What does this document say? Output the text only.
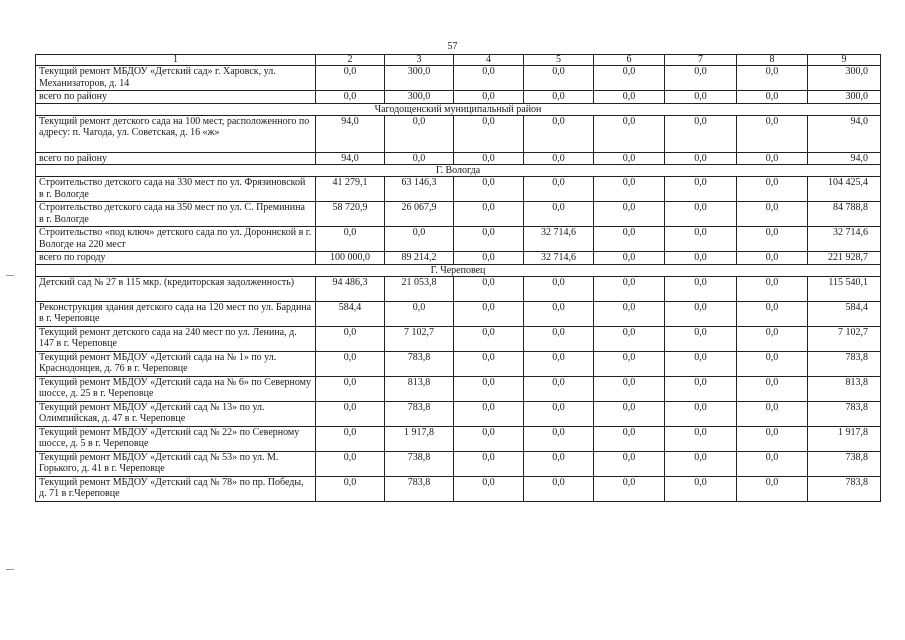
57
1	2	3	4	5	6	7	8	9
Текущий ремонт МБДОУ «Детский сад» г. Харовск, ул. Механизаторов, д. 14	0,0	300,0	0,0	0,0	0,0	0,0	0,0	300,0
всего по району	0,0	300,0	0,0	0,0	0,0	0,0	0,0	300,0
Чагодощенский муниципальный район								
Текущий ремонт детского сада на 100 мест, расположенного по адресу: п. Чагода, ул. Советская, д. 16 «ж»	94,0	0,0	0,0	0,0	0,0	0,0	0,0	94,0
всего по району	94,0	0,0	0,0	0,0	0,0	0,0	0,0	94,0
Г. Вологда								
Строительство детского сада на 330 мест по ул. Фрязиновской в г. Вологде	41 279,1	63 146,3	0,0	0,0	0,0	0,0	0,0	104 425,4
Строительство детского сада на 350 мест по ул. С. Преминина в г. Вологде	58 720,9	26 067,9	0,0	0,0	0,0	0,0	0,0	84 788,8
Строительство «под ключ» детского сада по ул. Дороннской в г. Вологде на 220 мест	0,0	0,0	0,0	32 714,6	0,0	0,0	0,0	32 714,6
всего по городу	100 000,0	89 214,2	0,0	32 714,6	0,0	0,0	0,0	221 928,7
Г. Череповец								
Детский сад № 27 в 115 мкр. (кредиторская задолженность)	94 486,3	21 053,8	0,0	0,0	0,0	0,0	0,0	115 540,1
Реконструкция здания детского сада на 120 мест по ул. Бардина в г. Череповце	584,4	0,0	0,0	0,0	0,0	0,0	0,0	584,4
Текущий ремонт детского сада на 240 мест по ул. Ленина, д. 147 в г. Череповце	0,0	7 102,7	0,0	0,0	0,0	0,0	0,0	7 102,7
Текущий ремонт МБДОУ «Детский сада на № 1» по ул. Краснодонцев, д. 76 в г. Череповце	0,0	783,8	0,0	0,0	0,0	0,0	0,0	783,8
Текущий ремонт МБДОУ «Детский сада на № 6» по Северному шоссе, д. 25 в г. Череповце	0,0	813,8	0,0	0,0	0,0	0,0	0,0	813,8
Текущий ремонт МБДОУ «Детский сад № 13» по ул. Олимпийская, д. 47 в г. Череповце	0,0	783,8	0,0	0,0	0,0	0,0	0,0	783,8
Текущий ремонт МБДОУ «Детский сад № 22» по Северному шоссе, д. 5 в г. Череповце	0,0	1 917,8	0,0	0,0	0,0	0,0	0,0	1 917,8
Текущий ремонт МБДОУ «Детский сад № 53» по ул. М. Горького, д. 41 в г. Череповце	0,0	738,8	0,0	0,0	0,0	0,0	0,0	738,8
Текущий ремонт МБДОУ «Детский сад № 78» по пр. Победы, д. 71 в г.Череповце	0,0	783,8	0,0	0,0	0,0	0,0	0,0	783,8
